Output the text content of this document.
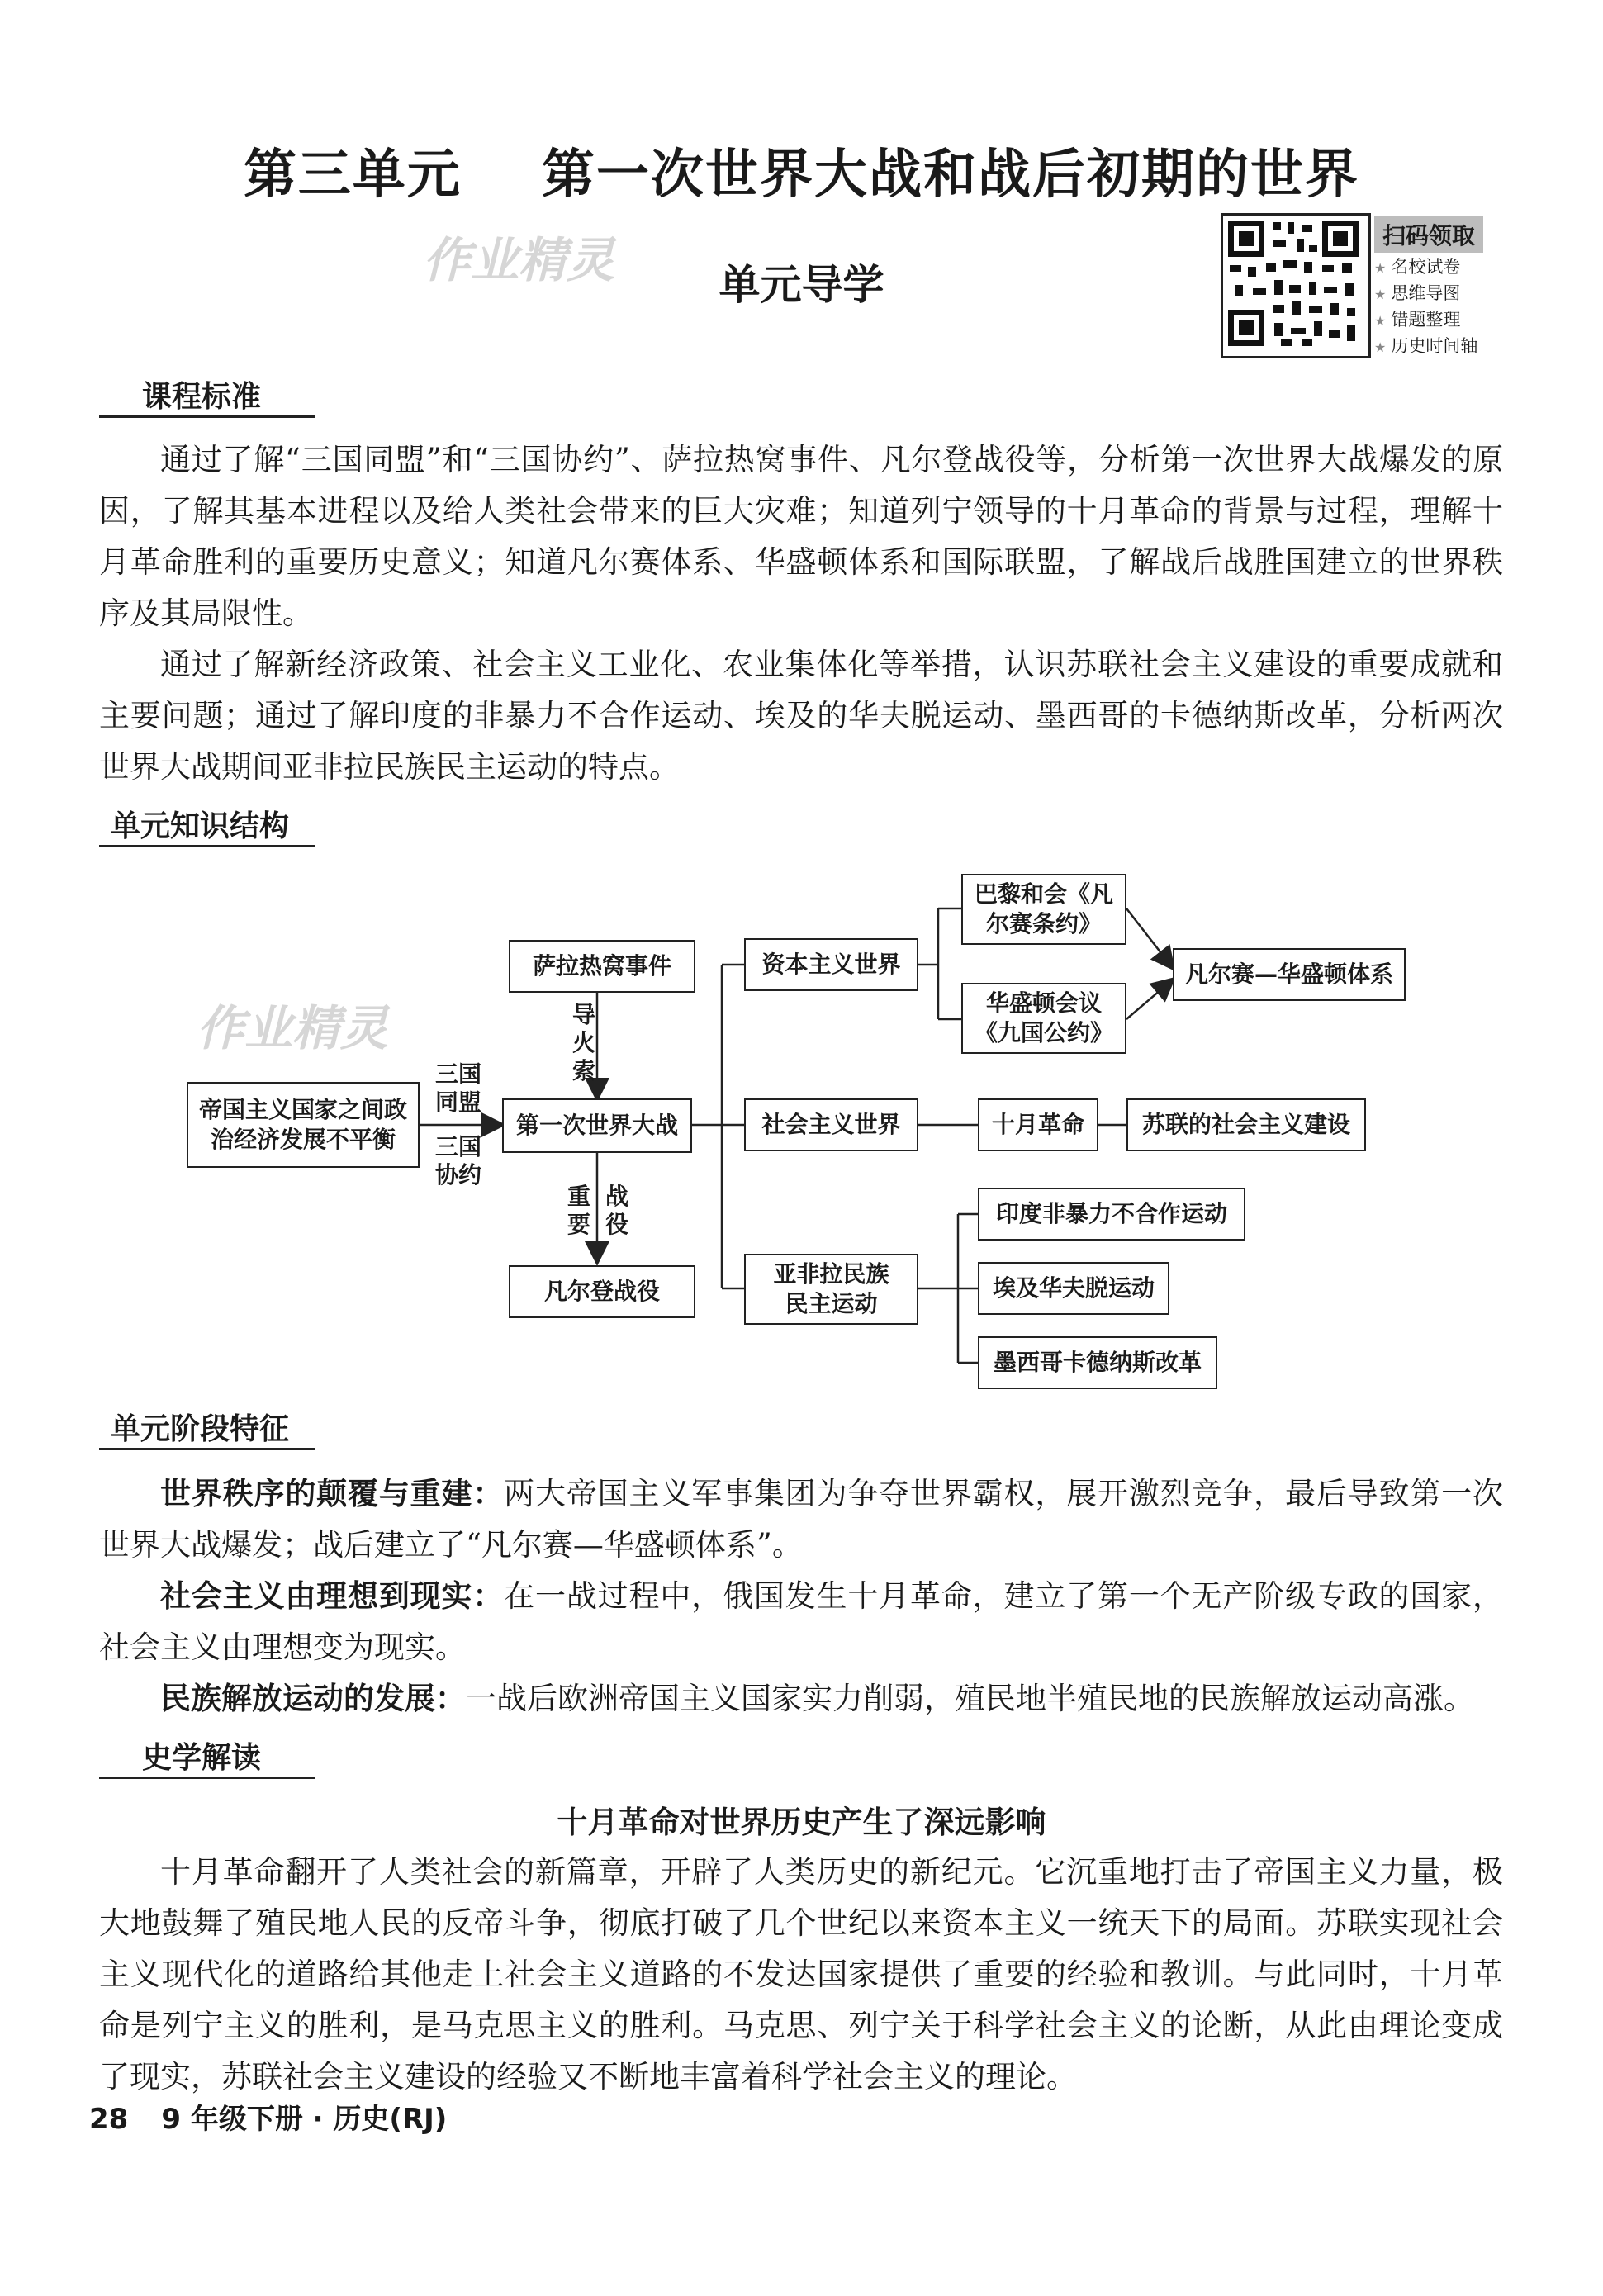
第三单元    第一次世界大战和战后初期的世界
单元导学
作业精灵	扫码领取
★ 名校试卷
★ 思维导图
★ 错题整理
★ 历史时间轴
课程标准
通过了解“三国同盟”和“三国协约”、萨拉热窝事件、凡尔登战役等，分析第一次世界大战爆发的原因，了解其基本进程以及给人类社会带来的巨大灾难；知道列宁领导的十月革命的背景与过程，理解十月革命胜利的重要历史意义；知道凡尔赛体系、华盛顿体系和国际联盟，了解战后战胜国建立的世界秩序及其局限性。
通过了解新经济政策、社会主义工业化、农业集体化等举措，认识苏联社会主义建设的重要成就和主要问题；通过了解印度的非暴力不合作运动、埃及的华夫脱运动、墨西哥的卡德纳斯改革，分析两次世界大战期间亚非拉民族民主运动的特点。
单元知识结构
作业精灵
帝国主义国家之间政治经济发展不平衡
三国同盟
三国协约
萨拉热窝事件
导火索
第一次世界大战
重要
战役
凡尔登战役
资本主义世界
社会主义世界
亚非拉民族民主运动
巴黎和会《凡尔赛条约》
华盛顿会议《九国公约》
凡尔赛—华盛顿体系
十月革命	苏联的社会主义建设
印度非暴力不合作运动
埃及华夫脱运动
墨西哥卡德纳斯改革
单元阶段特征
世界秩序的颠覆与重建：两大帝国主义军事集团为争夺世界霸权，展开激烈竞争，最后导致第一次世界大战爆发；战后建立了“凡尔赛—华盛顿体系”。
社会主义由理想到现实：在一战过程中，俄国发生十月革命，建立了第一个无产阶级专政的国家，社会主义由理想变为现实。
民族解放运动的发展：一战后欧洲帝国主义国家实力削弱，殖民地半殖民地的民族解放运动高涨。
史学解读
十月革命对世界历史产生了深远影响
十月革命翻开了人类社会的新篇章，开辟了人类历史的新纪元。它沉重地打击了帝国主义力量，极大地鼓舞了殖民地人民的反帝斗争，彻底打破了几个世纪以来资本主义一统天下的局面。苏联实现社会主义现代化的道路给其他走上社会主义道路的不发达国家提供了重要的经验和教训。与此同时，十月革命是列宁主义的胜利，是马克思主义的胜利。马克思、列宁关于科学社会主义的论断，从此由理论变成了现实，苏联社会主义建设的经验又不断地丰富着科学社会主义的理论。
28 9 年级下册 · 历史(RJ)
